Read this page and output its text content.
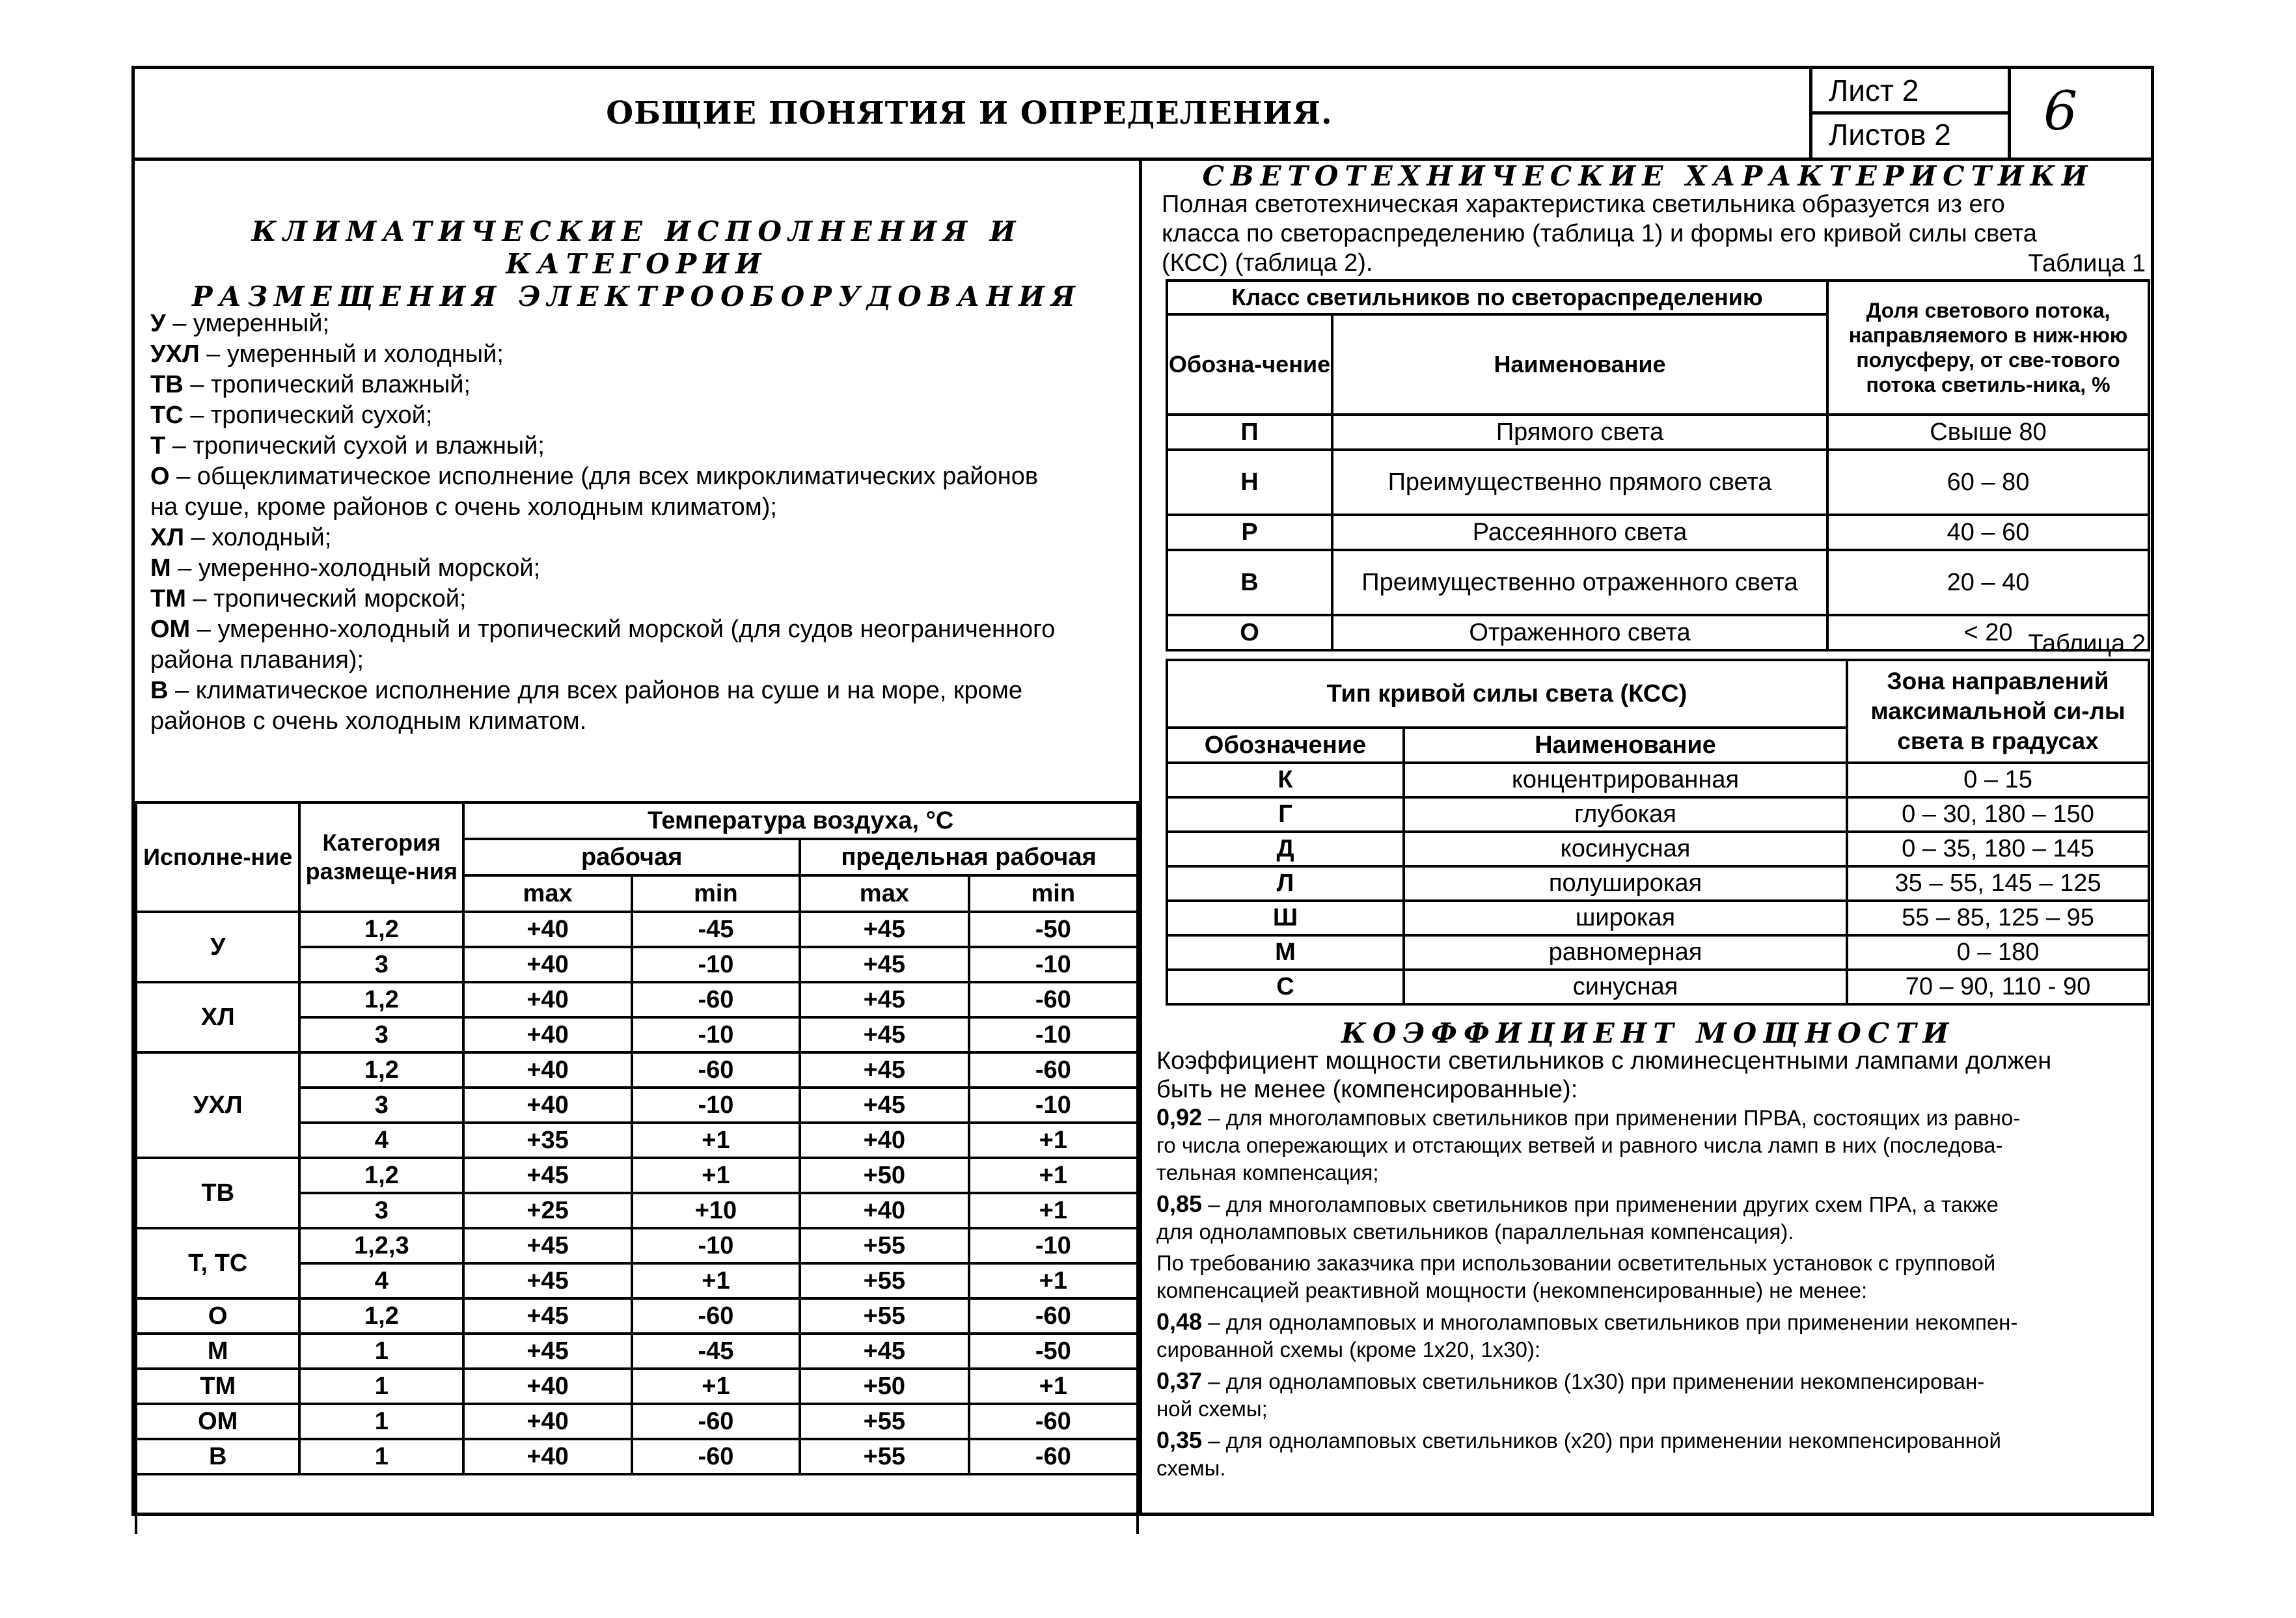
ОБЩИЕ ПОНЯТИЯ И ОПРЕДЕЛЕНИЯ.
Лист 2
Листов 2 6
КЛИМАТИЧЕСКИЕ ИСПОЛНЕНИЯ И КАТЕГОРИИ
РАЗМЕЩЕНИЯ ЭЛЕКТРООБОРУДОВАНИЯ
У – умеренный;
УХЛ – умеренный и холодный;
ТВ – тропический влажный;
ТС – тропический сухой;
Т – тропический сухой и влажный;
О – общеклиматическое исполнение (для всех микроклиматических районов
на суше, кроме районов с очень холодным климатом);
ХЛ – холодный;
М – умеренно-холодный морской;
ТМ – тропический морской;
ОМ – умеренно-холодный и тропический морской (для судов неограниченного
района плавания);
В – климатическое исполнение для всех районов на суше и на море, кроме
районов с очень холодным климатом.
Исполне-ние	Категория размеще-ния	Температура воздуха, °С			
		рабочая		предельная рабочая	
		max	min	max	min
У	1,2	+40	-45	+45	-50
	3	+40	-10	+45	-10
ХЛ	1,2	+40	-60	+45	-60
	3	+40	-10	+45	-10
УХЛ	1,2	+40	-60	+45	-60
	3	+40	-10	+45	-10
	4	+35	+1	+40	+1
ТВ	1,2	+45	+1	+50	+1
	3	+25	+10	+40	+1
Т, ТС	1,2,3	+45	-10	+55	-10
	4	+45	+1	+55	+1
О	1,2	+45	-60	+55	-60
М	1	+45	-45	+45	-50
ТМ	1	+40	+1	+50	+1
ОМ	1	+40	-60	+55	-60
В	1	+40	-60	+55	-60

СВЕТОТЕХНИЧЕСКИЕ ХАРАКТЕРИСТИКИ
Полная светотехническая характеристика светильника образуется из его
класса по светораспределению (таблица 1) и формы его кривой силы света
(КСС) (таблица 2).	Таблица 1
Класс светильников по светораспределению		Доля светового потока, направляемого в ниж-нюю полусферу, от све-тового потока светиль-ника, %
Обозна-чение	Наименование	
П	Прямого света	Свыше 80
Н	Преимущественно прямого света	60 – 80
Р	Рассеянного света	40 – 60
В	Преимущественно отраженного света	20 – 40
О	Отраженного света	< 20 Таблица 2
Тип кривой силы света (КСС)		Зона направлений максимальной си-лы света в градусах
Обозначение	Наименование	
К	концентрированная	0 – 15
Г	глубокая	0 – 30, 180 – 150
Д	косинусная	0 – 35, 180 – 145
Л	полуширокая	35 – 55, 145 – 125
Ш	широкая	55 – 85, 125 – 95
М	равномерная	0 – 180
С	синусная	70 – 90, 110 - 90
КОЭФФИЦИЕНТ МОЩНОСТИ
Коэффициент мощности светильников с люминесцентными лампами должен
быть не менее (компенсированные):
0,92 – для многоламповых светильников при применении ПРВА, состоящих из равно-
го числа опережающих и отстающих ветвей и равного числа ламп в них (последова-
тельная компенсация;
0,85 – для многоламповых светильников при применении других схем ПРА, а также
для одноламповых светильников (параллельная компенсация).
По требованию заказчика при использовании осветительных установок с групповой
компенсацией реактивной мощности (некомпенсированные) не менее:
0,48 – для одноламповых и многоламповых светильников при применении некомпен-
сированной схемы (кроме 1х20, 1х30):
0,37 – для одноламповых светильников (1х30) при применении некомпенсирован-
ной схемы;
0,35 – для одноламповых светильников (х20) при применении некомпенсированной
схемы.
